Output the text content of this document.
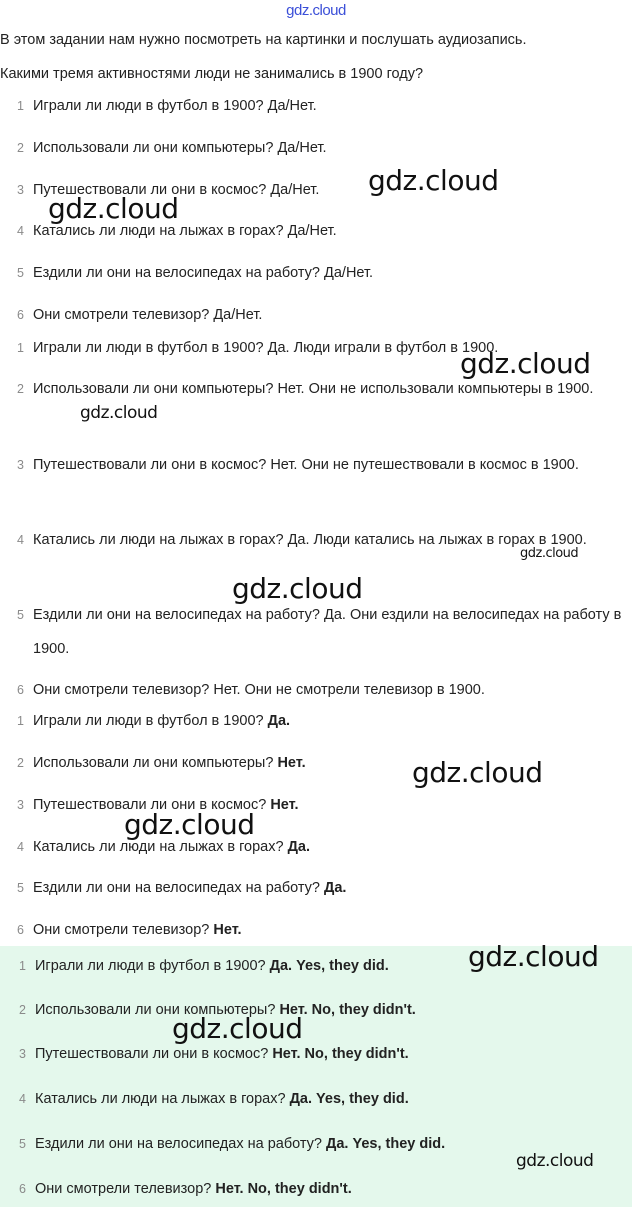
gdz.cloud
В этом задании нам нужно посмотреть на картинки и послушать аудиозапись.
Какими тремя активностями люди не занимались в 1900 году?
1 Играли ли люди в футбол в 1900? Да/Нет.
2 Использовали ли они компьютеры? Да/Нет.
3 Путешествовали ли они в космос? Да/Нет.
4 Катались ли люди на лыжах в горах? Да/Нет.
5 Ездили ли они на велосипедах на работу? Да/Нет.
6 Они смотрели телевизор? Да/Нет.
1 Играли ли люди в футбол в 1900? Да. Люди играли в футбол в 1900.
2 Использовали ли они компьютеры? Нет. Они не использовали компьютеры в 1900.
3 Путешествовали ли они в космос? Нет. Они не путешествовали в космос в 1900.
4 Катались ли люди на лыжах в горах? Да. Люди катались на лыжах в горах в 1900.
5 Ездили ли они на велосипедах на работу? Да. Они ездили на велосипедах на работу в 1900.
6 Они смотрели телевизор? Нет. Они не смотрели телевизор в 1900.
1 Играли ли люди в футбол в 1900? Да.
2 Использовали ли они компьютеры? Нет.
3 Путешествовали ли они в космос? Нет.
4 Катались ли люди на лыжах в горах? Да.
5 Ездили ли они на велосипедах на работу? Да.
6 Они смотрели телевизор? Нет.
1 Играли ли люди в футбол в 1900? Да. Yes, they did.
2 Использовали ли они компьютеры? Нет. No, they didn't.
3 Путешествовали ли они в космос? Нет. No, they didn't.
4 Катались ли люди на лыжах в горах? Да. Yes, they did.
5 Ездили ли они на велосипедах на работу? Да. Yes, they did.
6 Они смотрели телевизор? Нет. No, they didn't.
gdz.cloud
gdz.cloud
gdz.cloud
gdz.cloud
gdz.cloud
gdz.cloud
gdz.cloud
gdz.cloud
gdz.cloud
gdz.cloud
gdz.cloud
